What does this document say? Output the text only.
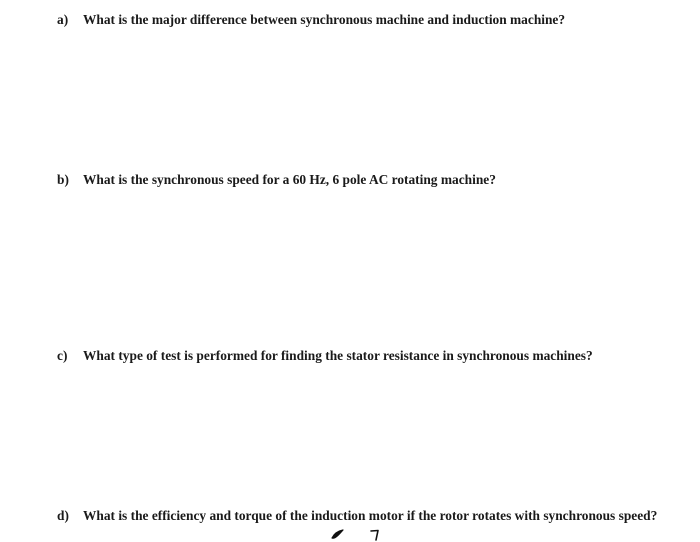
a)	What is the major difference between synchronous machine and induction machine?
b)	What is the synchronous speed for a 60 Hz, 6 pole AC rotating machine?
c)	What type of test is performed for finding the stator resistance in synchronous machines?
d)	What is the efficiency and torque of the induction motor if the rotor rotates with synchronous speed?
